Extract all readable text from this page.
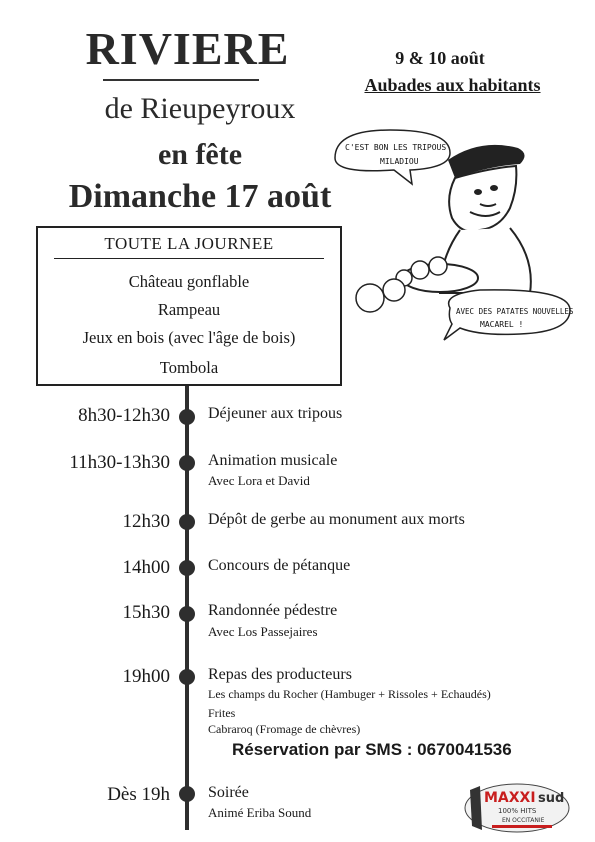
RIVIERE
de Rieupeyroux
en fête
Dimanche 17 août
9 & 10 août
Aubades aux habitants
C'EST BON LES TRIPOUS
MILADIOU
AVEC DES PATATES NOUVELLES
MACAREL !
TOUTE LA JOURNEE
Château gonflable
Rampeau
Jeux en bois (avec l'âge de bois)
Tombola
8h30-12h30 Déjeuner aux tripous
11h30-13h30 Animation musicale
Avec Lora et David
12h30 Dépôt de gerbe au monument aux morts
14h00 Concours de pétanque
15h30 Randonnée pédestre
Avec Los Passejaires
19h00 Repas des producteurs
Les champs du Rocher (Hambuger + Rissoles + Echaudés)
Frites
Cabraroq (Fromage de chèvres)
Réservation par SMS : 0670041536
Dès 19h Soirée
Animé Eriba Sound
MAXXI sud
100% HITS
EN OCCITANIE
